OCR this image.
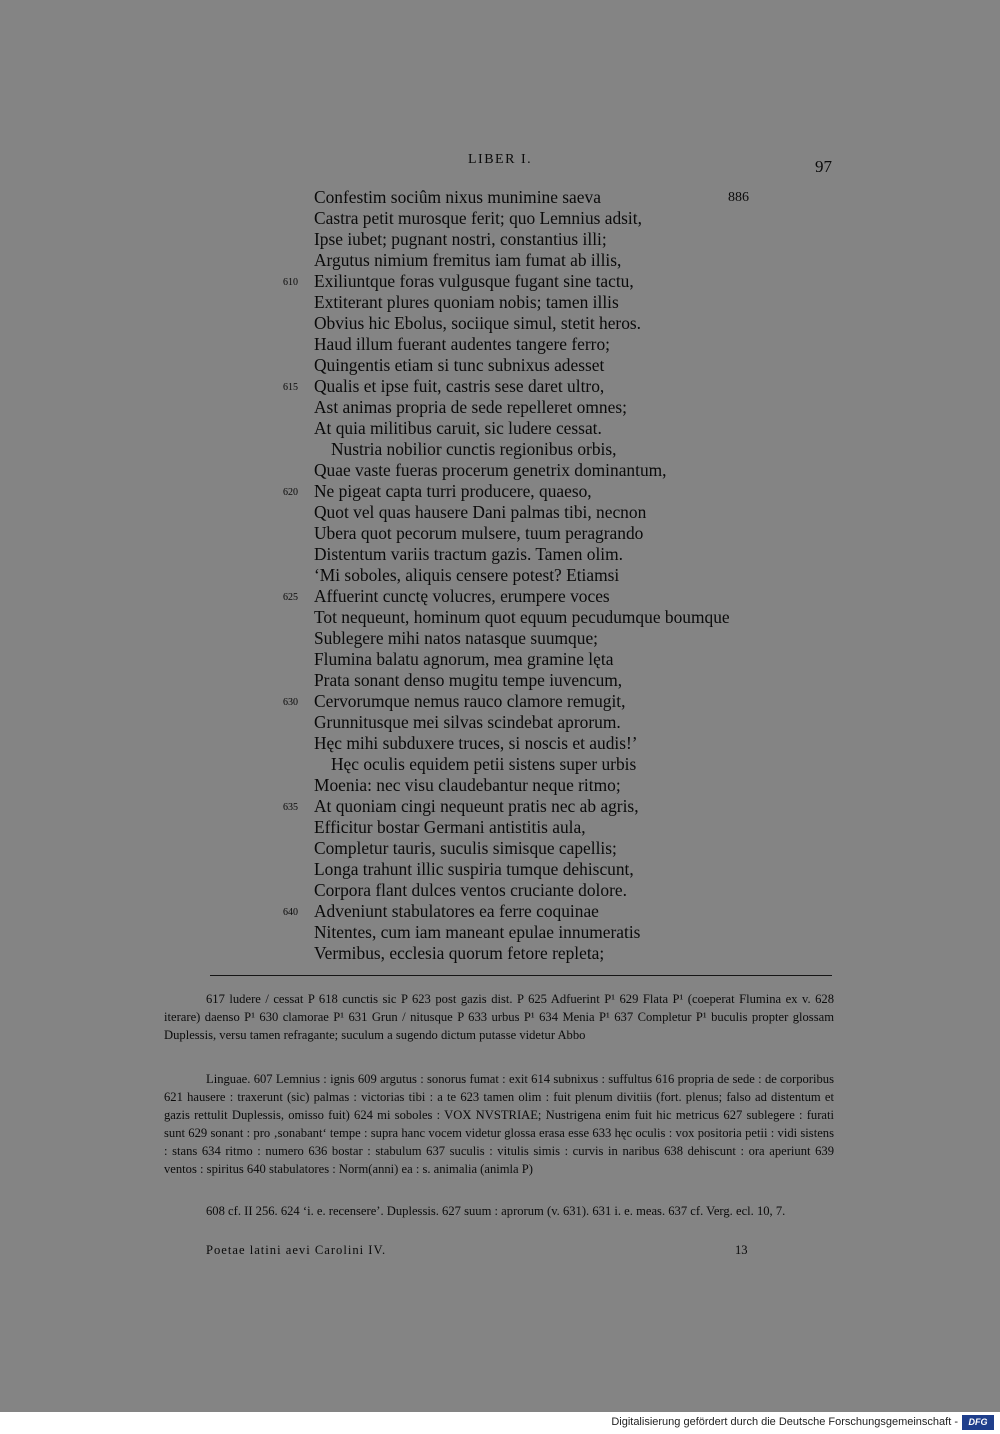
LIBER I.	97
Confestim sociûm nixus munimine saeva	886
Castra petit murosque ferit; quo Lemnius adsit,
Ipse iubet; pugnant nostri, constantius illi;
Argutus nimium fremitus iam fumat ab illis,
610 Exiliuntque foras vulgusque fugant sine tactu,
Extiterant plures quoniam nobis; tamen illis
Obvius hic Ebolus, sociique simul, stetit heros.
Haud illum fuerant audentes tangere ferro;
Quingentis etiam si tunc subnixus adesset
615 Qualis et ipse fuit, castris sese daret ultro,
Ast animas propria de sede repelleret omnes;
At quia militibus caruit, sic ludere cessat.
Nustria nobilior cunctis regionibus orbis,
Quae vaste fueras procerum genetrix dominantum,
620 Ne pigeat capta turri producere, quaeso,
Quot vel quas hausere Dani palmas tibi, necnon
Ubera quot pecorum mulsere, tuum peragrando
Distentum variis tractum gazis. Tamen olim.
‘Mi soboles, aliquis censere potest? Etiamsi
625 Affuerint cunctę volucres, erumpere voces
Tot nequeunt, hominum quot equum pecudumque boumque
Sublegere mihi natos natasque suumque;
Flumina balatu agnorum, mea gramine lęta
Prata sonant denso mugitu tempe iuvencum,
630 Cervorumque nemus rauco clamore remugit,
Grunnitusque mei silvas scindebat aprorum.
Hęc mihi subduxere truces, si noscis et audis!’
Hęc oculis equidem petii sistens super urbis
Moenia: nec visu claudebantur neque ritmo;
635 At quoniam cingi nequeunt pratis nec ab agris,
Efficitur bostar Germani antistitis aula,
Completur tauris, suculis simisque capellis;
Longa trahunt illic suspiria tumque dehiscunt,
Corpora flant dulces ventos cruciante dolore.
640 Adveniunt stabulatores ea ferre coquinae
Nitentes, cum iam maneant epulae innumeratis
Vermibus, ecclesia quorum fetore repleta;

617 ludere / cessat P 618 cunctis sic P 623 post gazis dist. P 625 Adfuerint P¹ 629 Flata P¹ (coeperat Flumina ex v. 628 iterare) daenso P¹ 630 clamorae P¹ 631 Grun / nitusque P 633 urbus P¹ 634 Menia P¹ 637 Completur P¹ buculis propter glossam Duplessis, versu tamen refragante; suculum a sugendo dictum putasse videtur Abbo

Linguae. 607 Lemnius : ignis 609 argutus : sonorus fumat : exit 614 subnixus : suffultus 616 propria de sede : de corporibus 621 hausere : traxerunt (sic) palmas : victorias tibi : a te 623 tamen olim : fuit plenum divitiis (fort. plenus; falso ad distentum et gazis rettulit Duplessis, omisso fuit) 624 mi soboles : VOX NVSTRIAE; Nustrigena enim fuit hic metricus 627 sublegere : furati sunt 629 sonant : pro ‚sonabant‘ tempe : supra hanc vocem videtur glossa erasa esse 633 hęc oculis : vox positoria petii : vidi sistens : stans 634 ritmo : numero 636 bostar : stabulum 637 suculis : vitulis simis : curvis in naribus 638 dehiscunt : ora aperiunt 639 ventos : spiritus 640 stabulatores : Norm(anni) ea : s. animalia (animla P)

608 cf. II 256. 624 ‘i. e. recensere’. Duplessis. 627 suum : aprorum (v. 631). 631 i. e. meas. 637 cf. Verg. ecl. 10, 7.

Poetae latini aevi Carolini IV.	13
Digitalisierung gefördert durch die Deutsche Forschungsgemeinschaft -	DFG
